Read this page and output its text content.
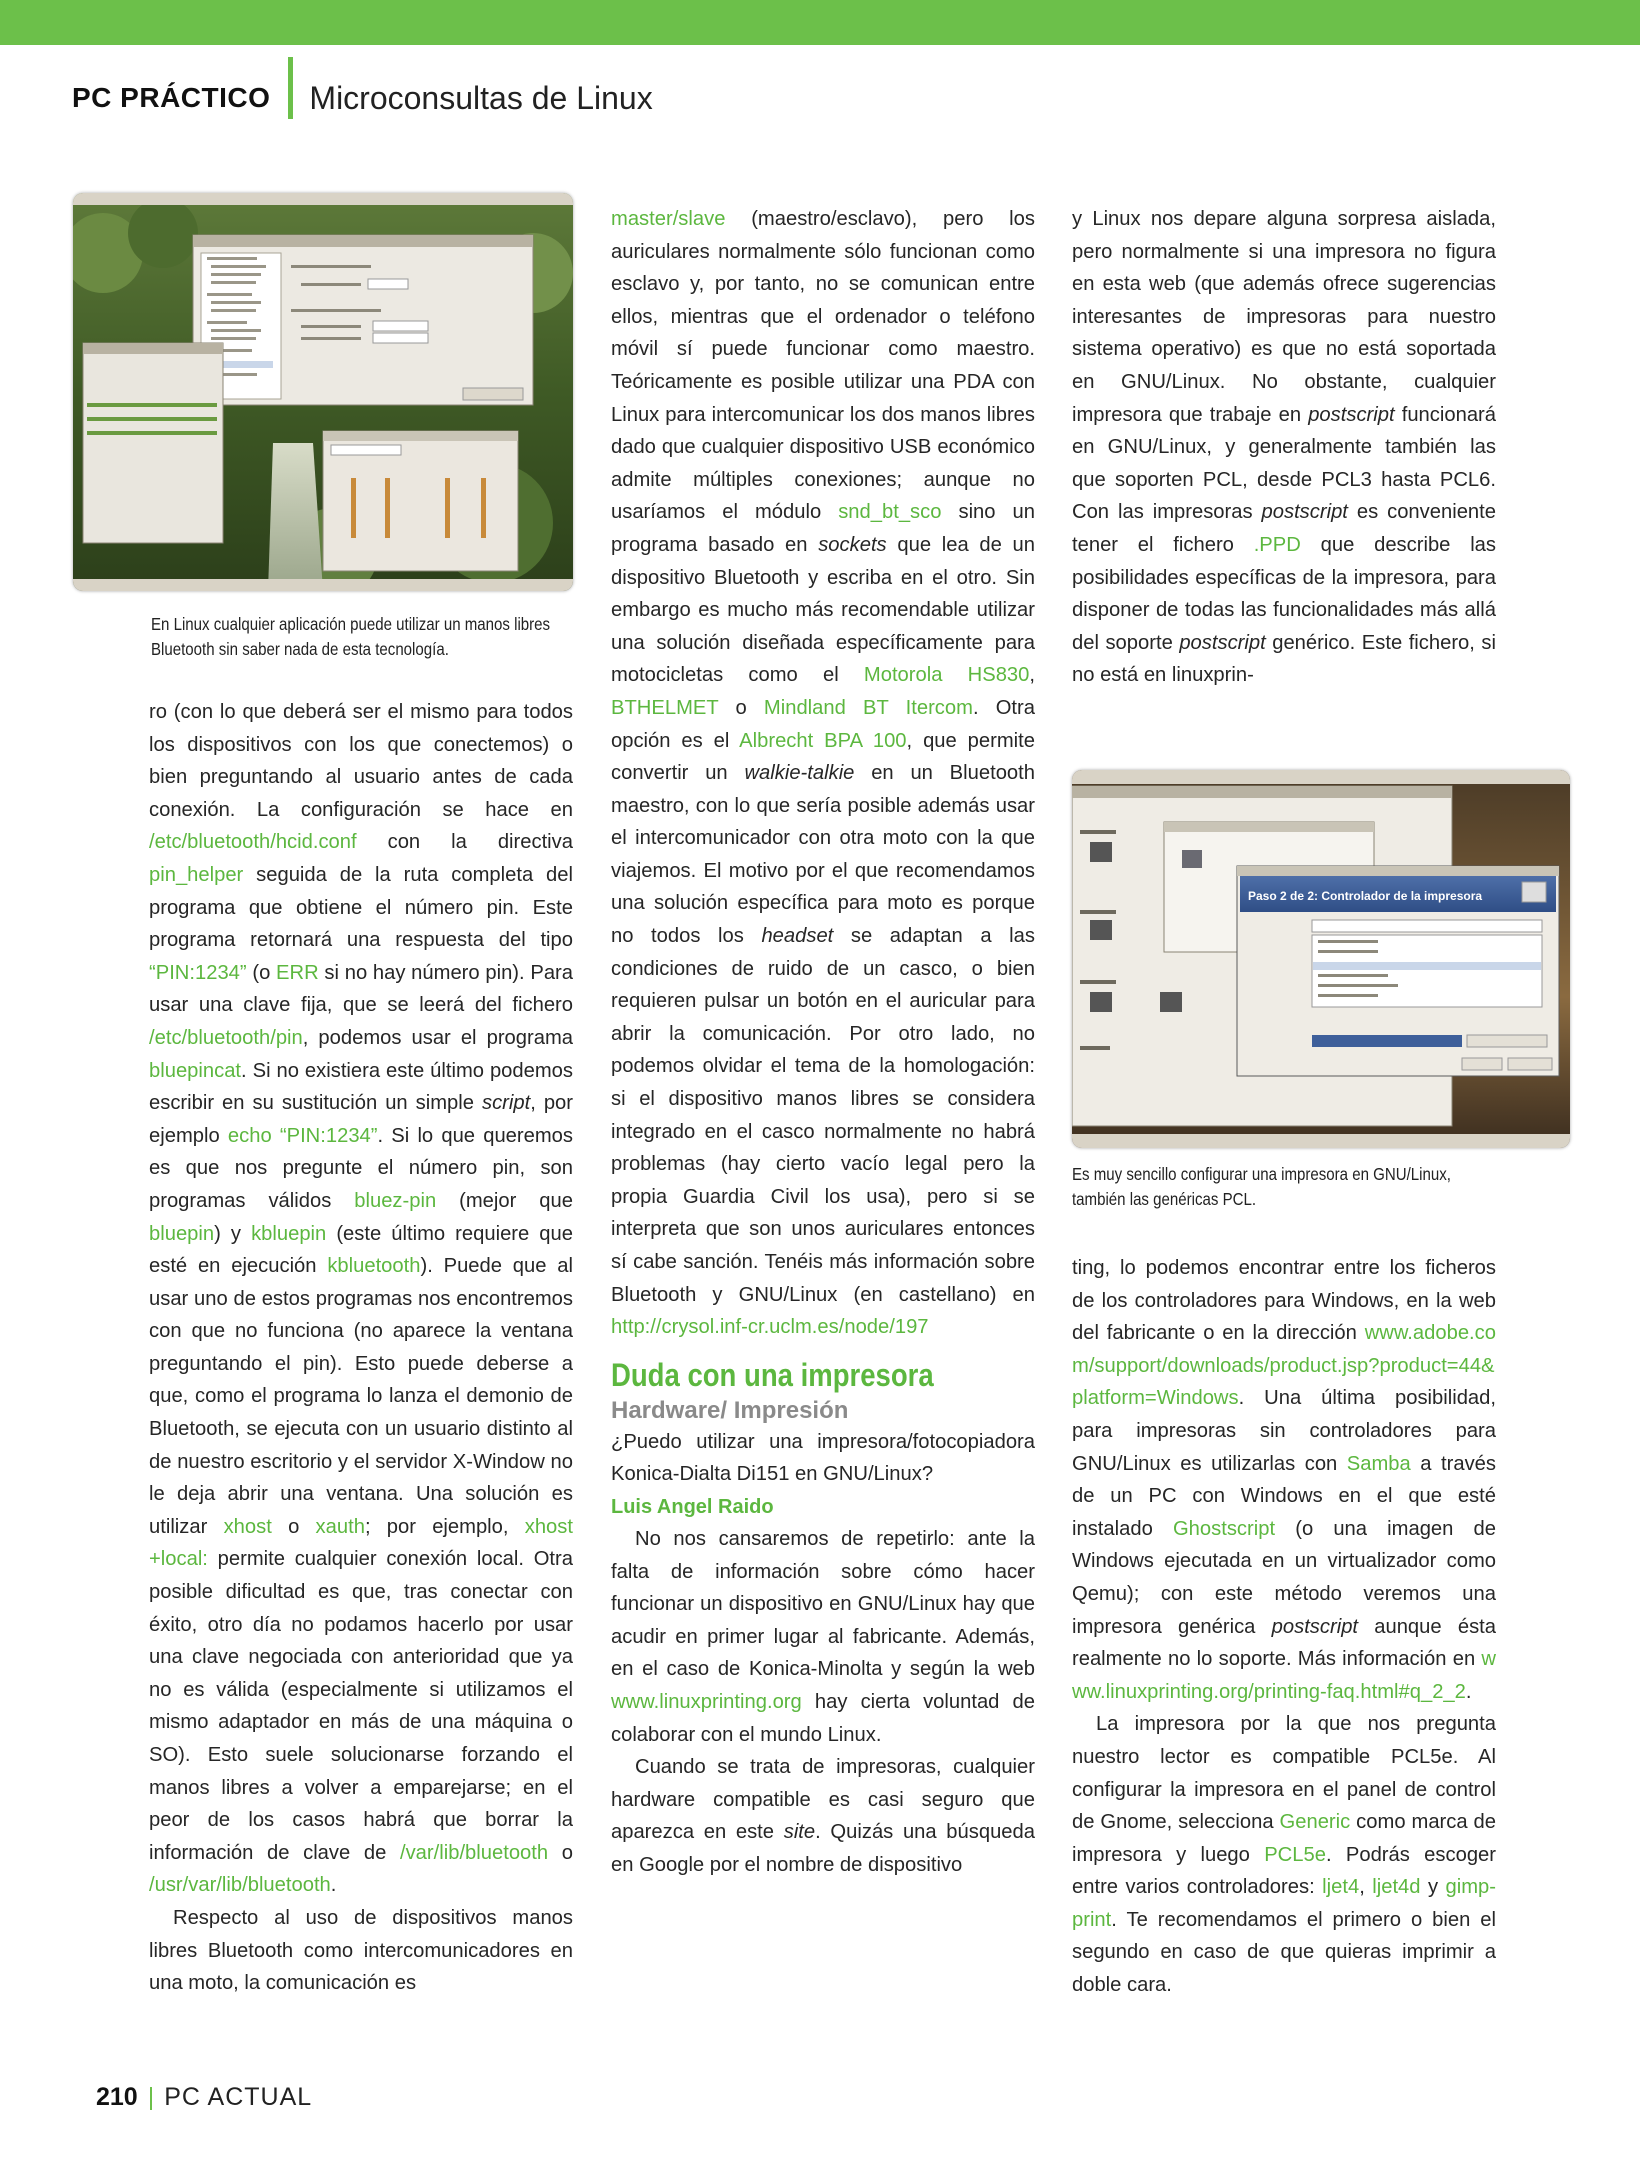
PC PRÁCTICO Microconsultas de Linux
En Linux cualquier aplicación puede utilizar un manos libres
Bluetooth sin saber nada de esta tecnología.

ro (con lo que deberá ser el mismo para todos los dispositivos con los que conectemos) o bien preguntando al usuario antes de cada conexión. La configuración se hace en /etc/bluetooth/hcid.conf con la directiva pin_helper seguida de la ruta completa del programa que obtiene el número pin. Este programa retornará una respuesta del tipo “PIN:1234” (o ERR si no hay número pin). Para usar una clave fija, que se leerá del fichero /etc/bluetooth/pin, podemos usar el programa bluepincat. Si no existiera este último podemos escribir en su sustitución un simple script, por ejemplo echo “PIN:1234”. Si lo que queremos es que nos pregunte el número pin, son programas válidos bluez-pin (mejor que bluepin) y kbluepin (este último requiere que esté en ejecución kbluetooth). Puede que al usar uno de estos programas nos encontremos con que no funciona (no aparece la ventana preguntando el pin). Esto puede deberse a que, como el programa lo lanza el demonio de Bluetooth, se ejecuta con un usuario distinto al de nuestro escritorio y el servidor X-Window no le deja abrir una ventana. Una solución es utilizar xhost o xauth; por ejemplo, xhost +local: permite cualquier conexión local. Otra posible dificultad es que, tras conectar con éxito, otro día no podamos hacerlo por usar una clave negociada con anterioridad que ya no es válida (especialmente si utilizamos el mismo adaptador en más de una máquina o SO). Esto suele solucionarse forzando el manos libres a volver a emparejarse; en el peor de los casos habrá que borrar la información de clave de /var/lib/bluetooth o /usr/var/lib/bluetooth.

Respecto al uso de dispositivos manos libres Bluetooth como intercomunicadores en una moto, la comunicación es

master/slave (maestro/esclavo), pero los auriculares normalmente sólo funcionan como esclavo y, por tanto, no se comunican entre ellos, mientras que el ordenador o teléfono móvil sí puede funcionar como maestro. Teóricamente es posible utilizar una PDA con Linux para intercomunicar los dos manos libres dado que cualquier dispositivo USB económico admite múltiples conexiones; aunque no usaríamos el módulo snd_bt_sco sino un programa basado en sockets que lea de un dispositivo Bluetooth y escriba en el otro. Sin embargo es mucho más recomendable utilizar una solución diseñada específicamente para motocicletas como el Motorola HS830, BTHELMET o Mindland BT Itercom. Otra opción es el Albrecht BPA 100, que permite convertir un walkie-talkie en un Bluetooth maestro, con lo que sería posible además usar el intercomunicador con otra moto con la que viajemos. El motivo por el que recomendamos una solución específica para moto es porque no todos los headset se adaptan a las condiciones de ruido de un casco, o bien requieren pulsar un botón en el auricular para abrir la comunicación. Por otro lado, no podemos olvidar el tema de la homologación: si el dispositivo manos libres se considera integrado en el casco normalmente no habrá problemas (hay cierto vacío legal pero la propia Guardia Civil los usa), pero si se interpreta que son unos auriculares entonces sí cabe sanción. Tenéis más información sobre Bluetooth y GNU/Linux (en castellano) en http://crysol.inf-cr.uclm.es/node/197

Duda con una impresora
Hardware/ Impresión

¿Puedo utilizar una impresora/fotocopiadora Konica-Dialta Di151 en GNU/Linux?

Luis Angel Raido

No nos cansaremos de repetirlo: ante la falta de información sobre cómo hacer funcionar un dispositivo en GNU/Linux hay que acudir en primer lugar al fabricante. Además, en el caso de Konica-Minolta y según la web www.linuxprinting.org hay cierta voluntad de colaborar con el mundo Linux.

Cuando se trata de impresoras, cualquier hardware compatible es casi seguro que aparezca en este site. Quizás una búsqueda en Google por el nombre de dispositivo

y Linux nos depare alguna sorpresa aislada, pero normalmente si una impresora no figura en esta web (que además ofrece sugerencias interesantes de impresoras para nuestro sistema operativo) es que no está soportada en GNU/Linux. No obstante, cualquier impresora que trabaje en postscript funcionará en GNU/Linux, y generalmente también las que soporten PCL, desde PCL3 hasta PCL6. Con las impresoras postscript es conveniente tener el fichero .PPD que describe las posibilidades específicas de la impresora, para disponer de todas las funcionalidades más allá del soporte postscript genérico. Este fichero, si no está en linuxprin-

Paso 2 de 2: Controlador de la impresora
Es muy sencillo configurar una impresora en GNU/Linux,
también las genéricas PCL.

ting, lo podemos encontrar entre los ficheros de los controladores para Windows, en la web del fabricante o en la dirección www.adobe.com/support/downloads/product.jsp?product=44&platform=Windows. Una última posibilidad, para impresoras sin controladores para GNU/Linux es utilizarlas con Samba a través de un PC con Windows en el que esté instalado Ghostscript (o una imagen de Windows ejecutada en un virtualizador como Qemu); con este método veremos una impresora genérica postscript aunque ésta realmente no lo soporte. Más información en www.linuxprinting.org/printing-faq.html#q_2_2.

La impresora por la que nos pregunta nuestro lector es compatible PCL5e. Al configurar la impresora en el panel de control de Gnome, selecciona Generic como marca de impresora y luego PCL5e. Podrás escoger entre varios controladores: ljet4, ljet4d y gimp-print. Te recomendamos el primero o bien el segundo en caso de que quieras imprimir a doble cara.

210 | PC ACTUAL
